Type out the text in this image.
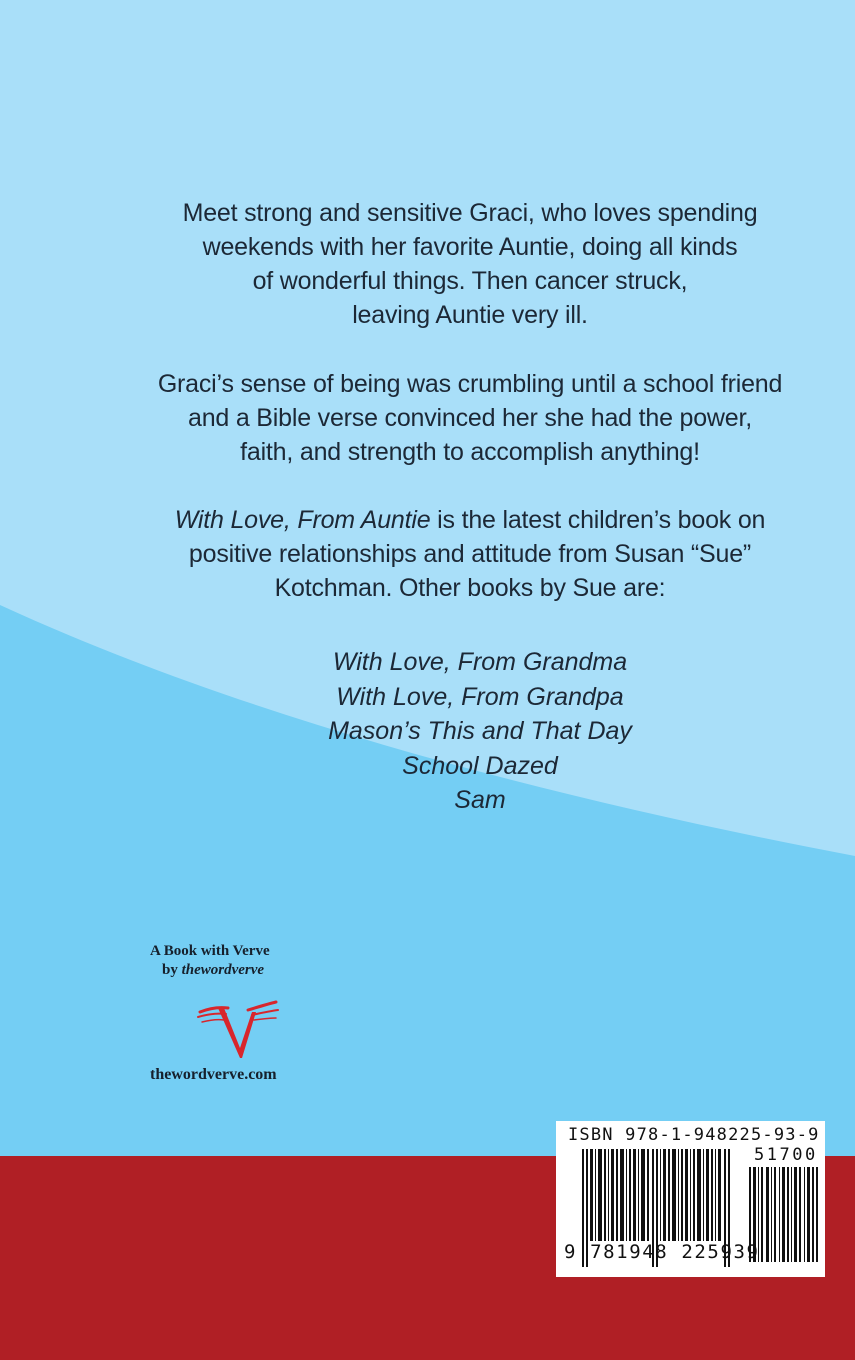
Meet strong and sensitive Graci, who loves spending

weekends with her favorite Auntie, doing all kinds

of wonderful things. Then cancer struck,

leaving Auntie very ill.

Graci’s sense of being was crumbling until a school friend

and a Bible verse convinced her she had the power,

faith, and strength to accomplish anything!

With Love, From Auntie is the latest children’s book on

positive relationships and attitude from Susan “Sue”

Kotchman. Other books by Sue are:

With Love, From Grandma
With Love, From Grandpa
Mason’s This and That Day
School Dazed
Sam
A Book with Verve
by thewordverve
thewordverve.com
ISBN 978-1-948225-93-9
51700
9 781948 225939
